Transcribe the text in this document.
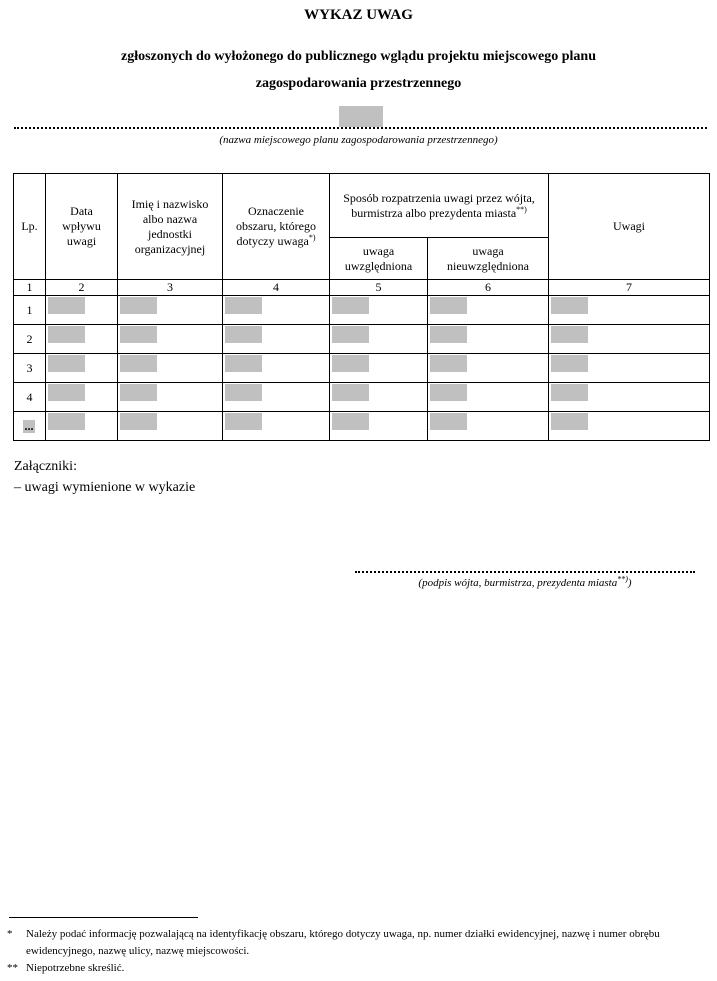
WYKAZ UWAG
zgłoszonych do wyłożonego do publicznego wglądu projektu miejscowego planu
zagospodarowania przestrzennego
(nazwa miejscowego planu zagospodarowania przestrzennego)
Lp.	Data wpływu uwagi	Imię i nazwisko albo nazwa jednostki organizacyjnej	Oznaczenie obszaru, którego dotyczy uwaga*)	Sposób rozpatrzenia uwagi przez wójta, burmistrza albo prezydenta miasta**)		Uwagi
				uwaga uwzględniona	uwaga nieuwzględniona	
1	2	3	4	5	6	7

1						

2						

3						

4						

...						

Załączniki:
– uwagi wymienione w wykazie
(podpis wójta, burmistrza, prezydenta miasta**))
* Należy podać informację pozwalającą na identyfikację obszaru, którego dotyczy uwaga, np. numer działki ewidencyjnej, nazwę i numer obrębu ewidencyjnego, nazwę ulicy, nazwę miejscowości.
** Niepotrzebne skreślić.
